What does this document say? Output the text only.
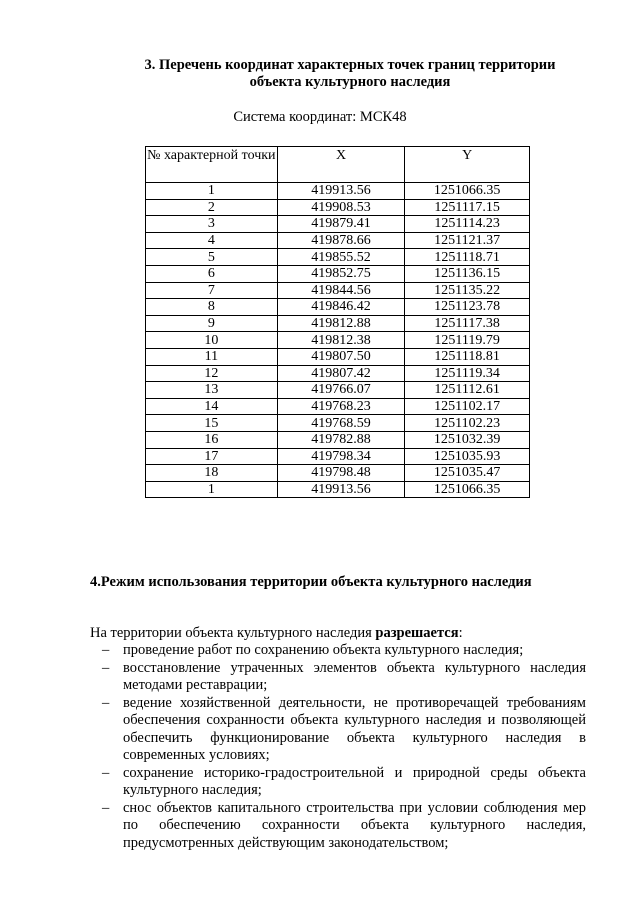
3. Перечень координат характерных точек границ территории
объекта культурного наследия
Система координат: МСК48
№ характерной точки	X	Y
1	419913.56	1251066.35
2	419908.53	1251117.15
3	419879.41	1251114.23
4	419878.66	1251121.37
5	419855.52	1251118.71
6	419852.75	1251136.15
7	419844.56	1251135.22
8	419846.42	1251123.78
9	419812.88	1251117.38
10	419812.38	1251119.79
11	419807.50	1251118.81
12	419807.42	1251119.34
13	419766.07	1251112.61
14	419768.23	1251102.17
15	419768.59	1251102.23
16	419782.88	1251032.39
17	419798.34	1251035.93
18	419798.48	1251035.47
1	419913.56	1251066.35
4.Режим использования территории объекта культурного наследия
На территории объекта культурного наследия разрешается:
– проведение работ по сохранению объекта культурного наследия;
– восстановление утраченных элементов объекта культурного наследия методами реставрации;
– ведение хозяйственной деятельности, не противоречащей требованиям обеспечения сохранности объекта культурного наследия и позволяющей обеспечить функционирование объекта культурного наследия в современных условиях;
– сохранение историко-градостроительной и природной среды объекта культурного наследия;
– снос объектов капитального строительства при условии соблюдения мер по обеспечению сохранности объекта культурного наследия, предусмотренных действующим законодательством;
